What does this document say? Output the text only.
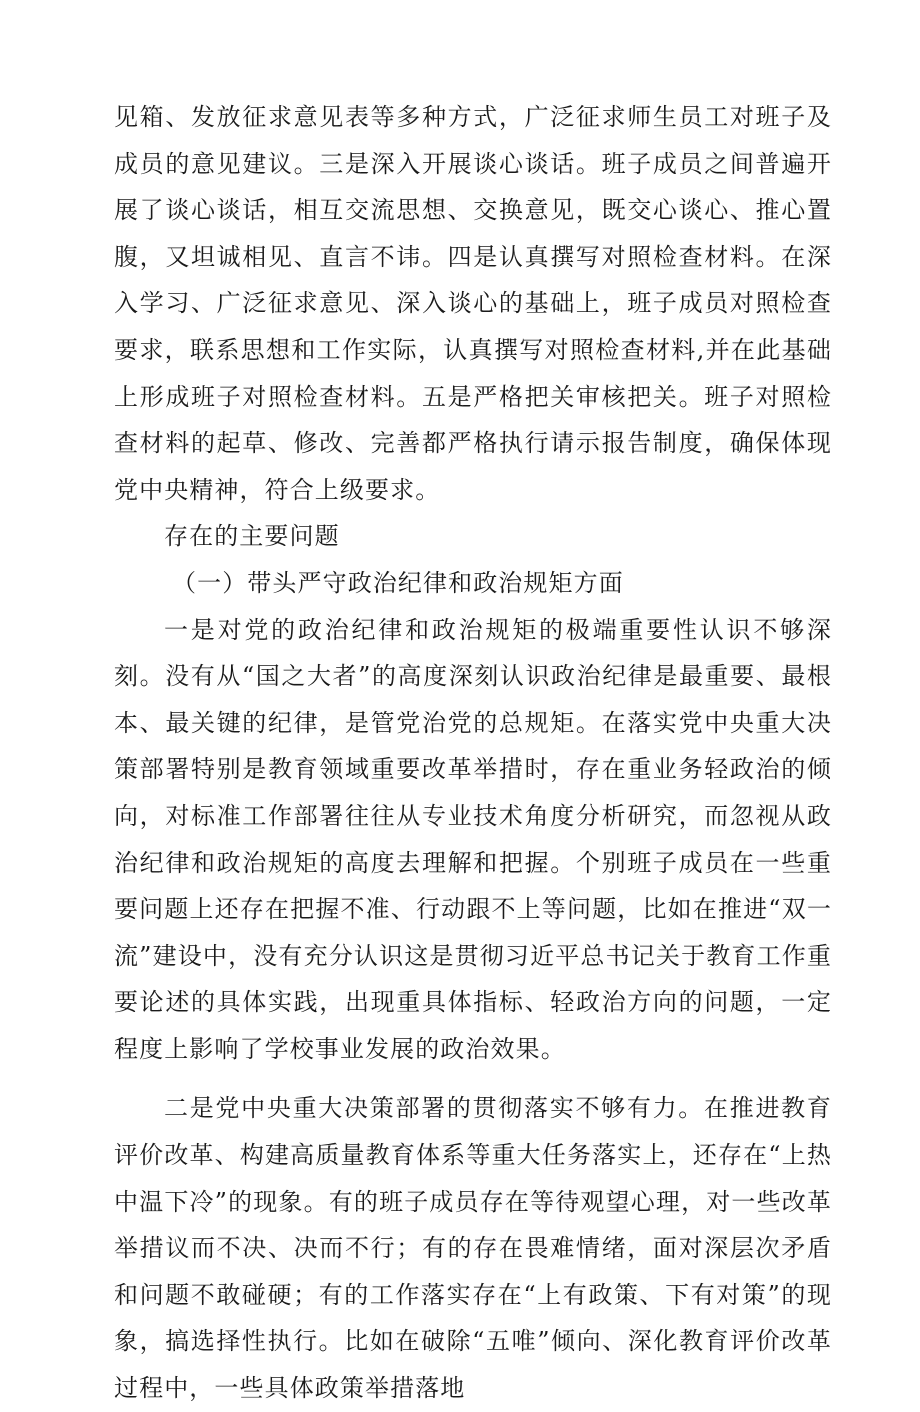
见箱、发放征求意见表等多种方式，广泛征求师生员工对班子及成员的意见建议。三是深入开展谈心谈话。班子成员之间普遍开展了谈心谈话，相互交流思想、交换意见，既交心谈心、推心置腹，又坦诚相见、直言不讳。四是认真撰写对照检查材料。在深入学习、广泛征求意见、深入谈心的基础上，班子成员对照检查要求，联系思想和工作实际，认真撰写对照检查材料,并在此基础上形成班子对照检查材料。五是严格把关审核把关。班子对照检查材料的起草、修改、完善都严格执行请示报告制度，确保体现党中央精神，符合上级要求。

存在的主要问题

（一）带头严守政治纪律和政治规矩方面

一是对党的政治纪律和政治规矩的极端重要性认识不够深刻。没有从“国之大者”的高度深刻认识政治纪律是最重要、最根本、最关键的纪律，是管党治党的总规矩。在落实党中央重大决策部署特别是教育领域重要改革举措时，存在重业务轻政治的倾向，对标准工作部署往往从专业技术角度分析研究，而忽视从政治纪律和政治规矩的高度去理解和把握。个别班子成员在一些重要问题上还存在把握不准、行动跟不上等问题，比如在推进“双一流”建设中，没有充分认识这是贯彻习近平总书记关于教育工作重要论述的具体实践，出现重具体指标、轻政治方向的问题，一定程度上影响了学校事业发展的政治效果。

二是党中央重大决策部署的贯彻落实不够有力。在推进教育评价改革、构建高质量教育体系等重大任务落实上，还存在“上热中温下冷”的现象。有的班子成员存在等待观望心理，对一些改革举措议而不决、决而不行；有的存在畏难情绪，面对深层次矛盾和问题不敢碰硬；有的工作落实存在“上有政策、下有对策”的现象，搞选择性执行。比如在破除“五唯”倾向、深化教育评价改革过程中，一些具体政策举措落地
